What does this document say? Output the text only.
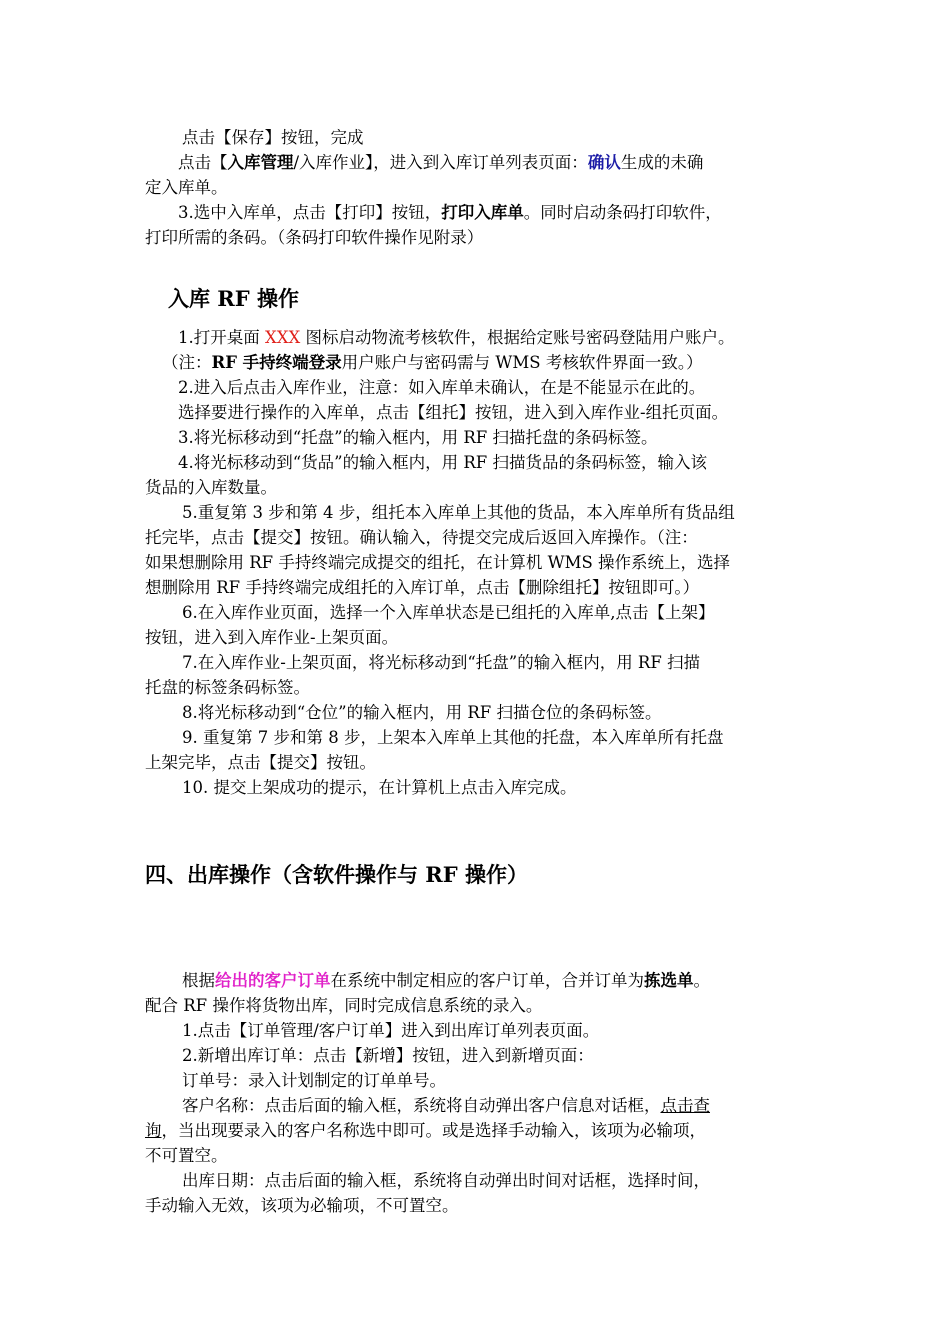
点击【保存】按钮，完成
点击【入库管理/入库作业】，进入到入库订单列表页面：确认生成的未确
定入库单。
3.选中入库单，点击【打印】按钮，打印入库单。同时启动条码打印软件，
打印所需的条码。（条码打印软件操作见附录）
入库 RF 操作
1.打开桌面 XXX 图标启动物流考核软件，根据给定账号密码登陆用户账户。
（注：RF 手持终端登录用户账户与密码需与 WMS 考核软件界面一致。）
2.进入后点击入库作业，注意：如入库单未确认，在是不能显示在此的。
选择要进行操作的入库单，点击【组托】按钮，进入到入库作业-组托页面。
3.将光标移动到“托盘”的输入框内，用 RF 扫描托盘的条码标签。
4.将光标移动到“货品”的输入框内，用 RF 扫描货品的条码标签，输入该
货品的入库数量。
5.重复第 3 步和第 4 步，组托本入库单上其他的货品，本入库单所有货品组
托完毕，点击【提交】按钮。确认输入，待提交完成后返回入库操作。（注：
如果想删除用 RF 手持终端完成提交的组托，在计算机 WMS 操作系统上，选择
想删除用 RF 手持终端完成组托的入库订单，点击【删除组托】按钮即可。）
6.在入库作业页面，选择一个入库单状态是已组托的入库单,点击【上架】
按钮，进入到入库作业-上架页面。
7.在入库作业-上架页面，将光标移动到“托盘”的输入框内，用 RF 扫描
托盘的标签条码标签。
8.将光标移动到“仓位”的输入框内，用 RF 扫描仓位的条码标签。
9. 重复第 7 步和第 8 步，上架本入库单上其他的托盘，本入库单所有托盘
上架完毕，点击【提交】按钮。
10. 提交上架成功的提示，在计算机上点击入库完成。
四、出库操作（含软件操作与 RF 操作）
根据给出的客户订单在系统中制定相应的客户订单，合并订单为拣选单。
配合 RF 操作将货物出库，同时完成信息系统的录入。
1.点击【订单管理/客户订单】进入到出库订单列表页面。
2.新增出库订单：点击【新增】按钮，进入到新增页面：
订单号：录入计划制定的订单单号。
客户名称：点击后面的输入框，系统将自动弹出客户信息对话框，点击查
询，当出现要录入的客户名称选中即可。或是选择手动输入，该项为必输项，
不可置空。
出库日期：点击后面的输入框，系统将自动弹出时间对话框，选择时间，
手动输入无效，该项为必输项，不可置空。
